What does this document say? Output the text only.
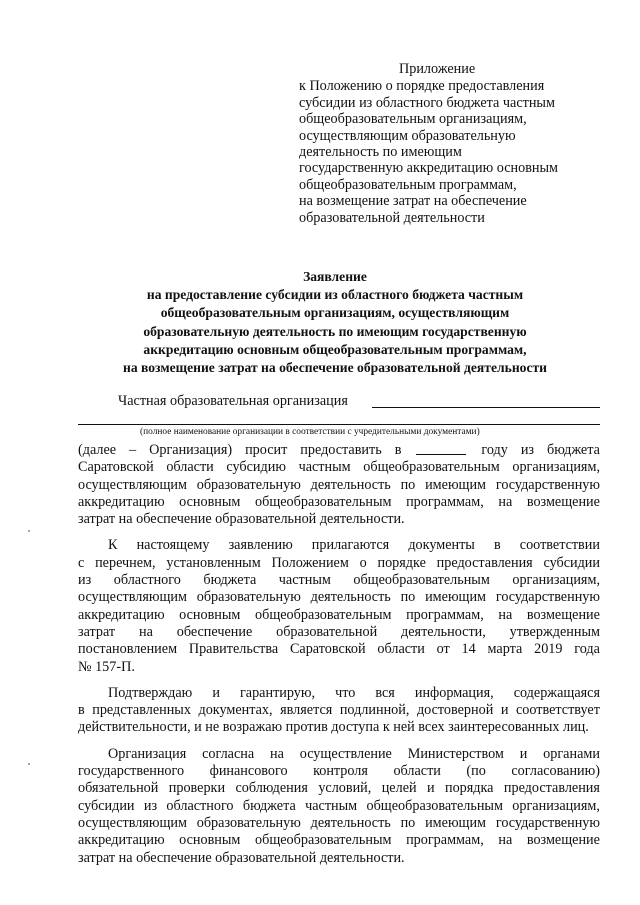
Приложение
к Положению о порядке предоставления
субсидии из областного бюджета частным
общеобразовательным организациям,
осуществляющим образовательную
деятельность по имеющим
государственную аккредитацию основным
общеобразовательным программам,
на возмещение затрат на обеспечение
образовательной деятельности
Заявление
на предоставление субсидии из областного бюджета частным
общеобразовательным организациям, осуществляющим
образовательную деятельность по имеющим государственную
аккредитацию основным общеобразовательным программам,
на возмещение затрат на обеспечение образовательной деятельности
Частная образовательная организация
(полное наименование организации в соответствии с учредительными документами)
(далее – Организация) просит предоставить в	году из бюджета
Саратовской области субсидию частным общеобразовательным организациям,
осуществляющим образовательную деятельность по имеющим государственную
аккредитацию основным общеобразовательным программам, на возмещение
затрат на обеспечение образовательной деятельности.
К настоящему заявлению прилагаются документы в соответствии
с перечнем, установленным Положением о порядке предоставления субсидии
из областного бюджета частным общеобразовательным организациям,
осуществляющим образовательную деятельность по имеющим государственную
аккредитацию основным общеобразовательным программам, на возмещение
затрат на обеспечение образовательной деятельности, утвержденным
постановлением Правительства Саратовской области от 14 марта 2019 года
№ 157-П.
Подтверждаю и гарантирую, что вся информация, содержащаяся
в представленных документах, является подлинной, достоверной и соответствует
действительности, и не возражаю против доступа к ней всех заинтересованных лиц.
Организация согласна на осуществление Министерством и органами
государственного финансового контроля области (по согласованию)
обязательной проверки соблюдения условий, целей и порядка предоставления
субсидии из областного бюджета частным общеобразовательным организациям,
осуществляющим образовательную деятельность по имеющим государственную
аккредитацию основным общеобразовательным программам, на возмещение
затрат на обеспечение образовательной деятельности.
